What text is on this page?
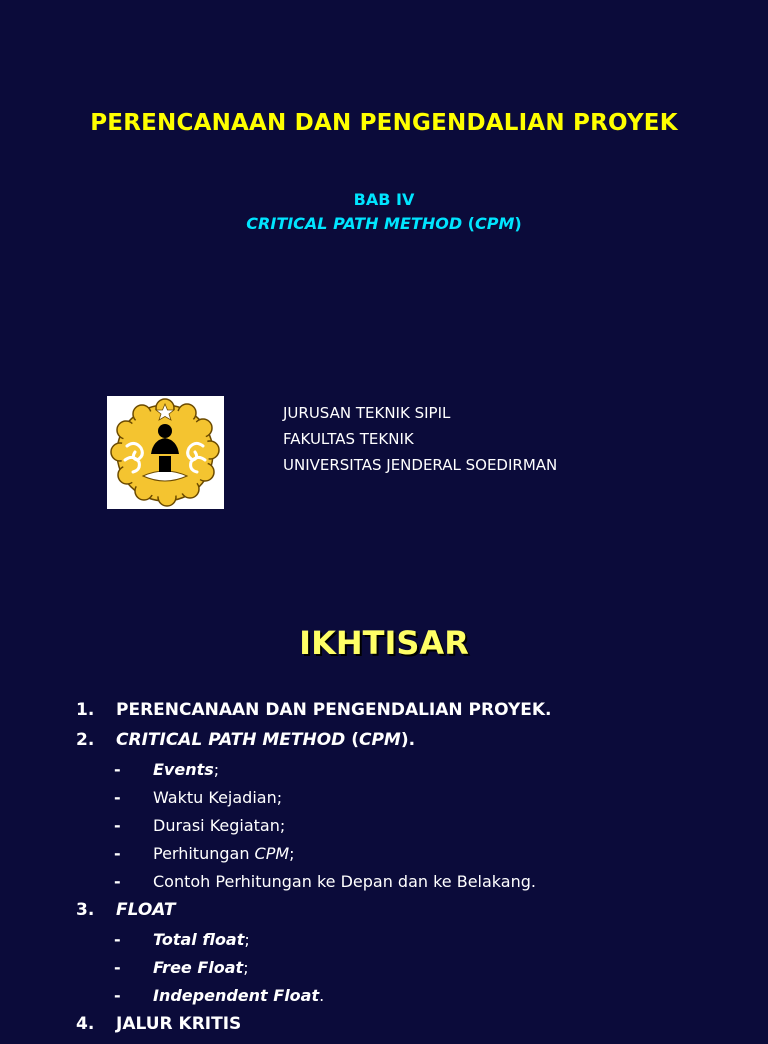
PERENCANAAN DAN PENGENDALIAN PROYEK
BAB IV
CRITICAL PATH METHOD (CPM)
JURUSAN TEKNIK SIPIL
FAKULTAS TEKNIK
UNIVERSITAS JENDERAL SOEDIRMAN
IKHTISAR
1. PERENCANAAN DAN PENGENDALIAN PROYEK.
2. CRITICAL PATH METHOD (CPM).
- Events;
- Waktu Kejadian;
- Durasi Kegiatan;
- Perhitungan CPM;
- Contoh Perhitungan ke Depan dan ke Belakang.
3. FLOAT
- Total float;
- Free Float;
- Independent Float.
4. JALUR KRITIS
